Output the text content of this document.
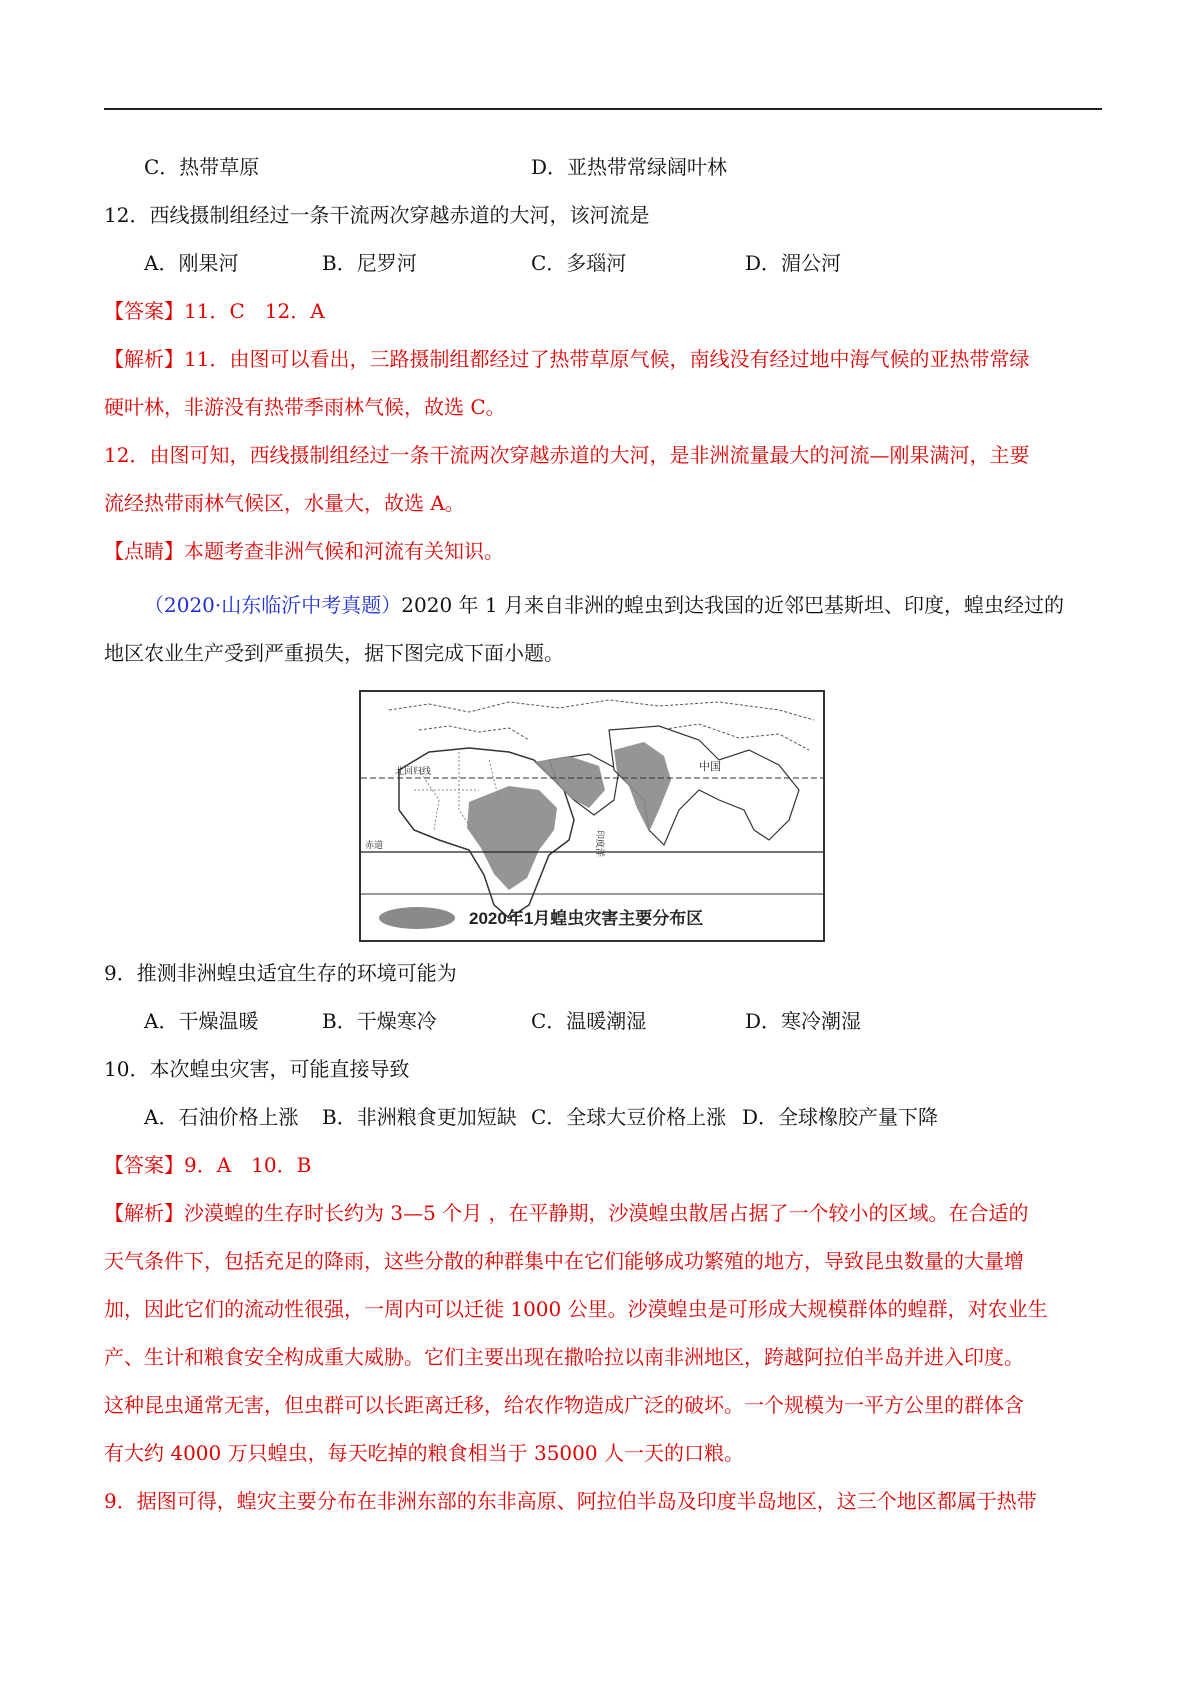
C．热带草原	D．亚热带常绿阔叶林
12．西线摄制组经过一条干流两次穿越赤道的大河，该河流是
A．刚果河	B．尼罗河	C．多瑙河	D．湄公河
【答案】11．C　12．A
【解析】11．由图可以看出，三路摄制组都经过了热带草原气候，南线没有经过地中海气候的亚热带常绿
硬叶林，非游没有热带季雨林气候，故选 C。
12．由图可知，西线摄制组经过一条干流两次穿越赤道的大河，是非洲流量最大的河流—刚果满河，主要
流经热带雨林气候区，水量大，故选 A。
【点睛】本题考查非洲气候和河流有关知识。
（2020·山东临沂中考真题）2020 年 1 月来自非洲的蝗虫到达我国的近邻巴基斯坦、印度，蝗虫经过的
地区农业生产受到严重损失，据下图完成下面小题。
中国
北回归线
赤道	印度洋
2020年1月蝗虫灾害主要分布区
9．推测非洲蝗虫适宜生存的环境可能为
A．干燥温暖	B．干燥寒冷	C．温暖潮湿	D．寒冷潮湿
10．本次蝗虫灾害，可能直接导致
A．石油价格上涨 B．非洲粮食更加短缺 C．全球大豆价格上涨 D．全球橡胶产量下降
【答案】9．A　10．B
【解析】沙漠蝗的生存时长约为 3—5 个月 ，在平静期，沙漠蝗虫散居占据了一个较小的区域。在合适的
天气条件下，包括充足的降雨，这些分散的种群集中在它们能够成功繁殖的地方，导致昆虫数量的大量增
加，因此它们的流动性很强，一周内可以迁徙 1000 公里。沙漠蝗虫是可形成大规模群体的蝗群，对农业生
产、生计和粮食安全构成重大威胁。它们主要出现在撒哈拉以南非洲地区，跨越阿拉伯半岛并进入印度。
这种昆虫通常无害，但虫群可以长距离迁移，给农作物造成广泛的破坏。一个规模为一平方公里的群体含
有大约 4000 万只蝗虫，每天吃掉的粮食相当于 35000 人一天的口粮。
9．据图可得，蝗灾主要分布在非洲东部的东非高原、阿拉伯半岛及印度半岛地区，这三个地区都属于热带
